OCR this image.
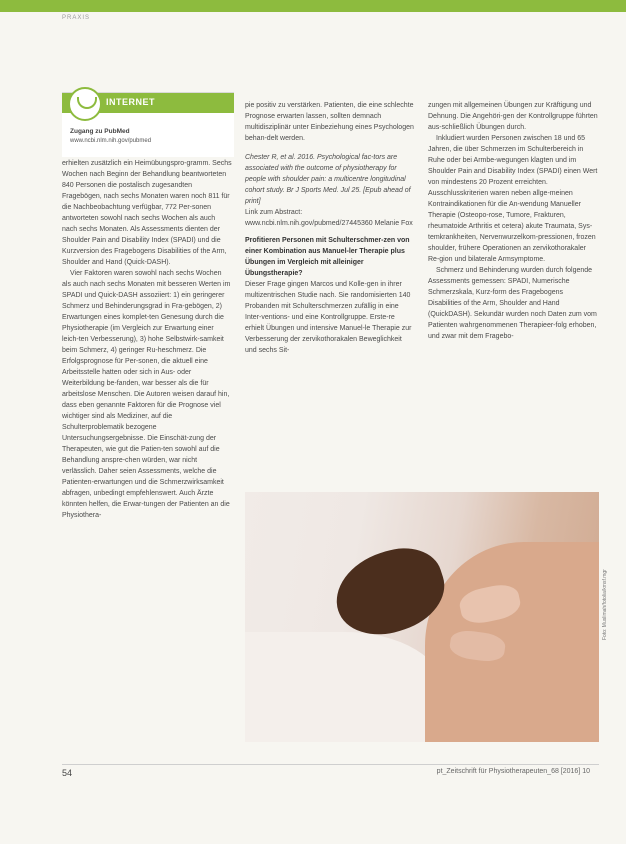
PRAXIS
INTERNET
Zugang zu PubMed
www.ncbi.nlm.nih.gov/pubmed

erhielten zusätzlich ein Heimübungspro-gramm. Sechs Wochen nach Beginn der Behandlung beantworteten 840 Personen die postalisch zugesandten Fragebögen, nach sechs Monaten waren noch 811 für die Nachbeobachtung verfügbar, 772 Per-sonen antworteten sowohl nach sechs Wochen als auch nach sechs Monaten. Als Assessments dienten der Shoulder Pain and Disability Index (SPADI) und die Kurzversion des Fragebogens Disabilities of the Arm, Shoulder and Hand (Quick-DASH).

Vier Faktoren waren sowohl nach sechs Wochen als auch nach sechs Monaten mit besseren Werten im SPADI und Quick-DASH assoziiert: 1) ein geringerer Schmerz und Behinderungsgrad in Fra-gebögen, 2) Erwartungen eines komplet-ten Genesung durch die Physiotherapie (im Vergleich zur Erwartung einer leich-ten Verbesserung), 3) hohe Selbstwirk-samkeit beim Schmerz, 4) geringer Ru-heschmerz. Die Erfolgsprognose für Per-sonen, die aktuell eine Arbeitsstelle hatten oder sich in Aus- oder Weiterbildung be-fanden, war besser als die für arbeitslose Menschen. Die Autoren weisen darauf hin, dass eben genannte Faktoren für die Prognose viel wichtiger sind als Mediziner, auf die Schulterproblematik bezogene Untersuchungsergebnisse. Die Einschät-zung der Therapeuten, wie gut die Patien-ten sowohl auf die Behandlung anspre-chen würden, war nicht verlässlich. Daher seien Assessments, welche die Patienten-erwartungen und die Schmerzwirksamkeit abfragen, unbedingt empfehlenswert. Auch Ärzte könnten helfen, die Erwar-tungen der Patienten an die Physiothera-

pie positiv zu verstärken. Patienten, die eine schlechte Prognose erwarten lassen, sollten demnach multidisziplinär unter Einbeziehung eines Psychologen behan-delt werden.

Chester R, et al. 2016. Psychological fac-tors are associated with the outcome of physiotherapy for people with shoulder pain: a multicentre longitudinal cohort study. Br J Sports Med. Jul 25. [Epub ahead of print]

Link zum Abstract: www.ncbi.nlm.nih.gov/pubmed/27445360 Melanie Fox

Profitieren Personen mit Schulterschmer-zen von einer Kombination aus Manuel-ler Therapie plus Übungen im Vergleich mit alleiniger Übungstherapie?

Dieser Frage gingen Marcos und Kolle-gen in ihrer multizentrischen Studie nach. Sie randomisierten 140 Probanden mit Schulterschmerzen zufällig in eine Inter-ventions- und eine Kontrollgruppe. Erste-re erhielt Übungen und intensive Manuel-le Therapie zur Verbesserung der zervikothorakalen Beweglichkeit und sechs Sit-

zungen mit allgemeinen Übungen zur Kräftigung und Dehnung. Die Angehöri-gen der Kontrollgruppe führten aus-schließlich Übungen durch.

Inkludiert wurden Personen zwischen 18 und 65 Jahren, die über Schmerzen im Schulterbereich in Ruhe oder bei Armbe-wegungen klagten und im Shoulder Pain and Disability Index (SPADI) einen Wert von mindestens 20 Prozent erreichten. Ausschlusskriterien waren neben allge-meinen Kontraindikationen für die An-wendung Manueller Therapie (Osteopo-rose, Tumore, Frakturen, rheumatoide Arthritis et cetera) akute Traumata, Sys-temkrankheiten, Nervenwurzelkom-pressionen, frozen shoulder, frühere Operationen an zervikothorakaler Re-gion und bilaterale Armsymptome.

Schmerz und Behinderung wurden durch folgende Assessments gemessen: SPADI, Numerische Schmerzskala, Kurz-form des Fragebogens Disabilities of the Arm, Shoulder and Hand (QuickDASH). Sekundär wurden noch Daten zum vom Patienten wahrgenommenen Therapieer-folg erhoben, und zwar mit dem Fragebo-

Foto: Muslimah/fotolia/kmsf.mgr
54	pt_Zeitschrift für Physiotherapeuten_68 [2016] 10
